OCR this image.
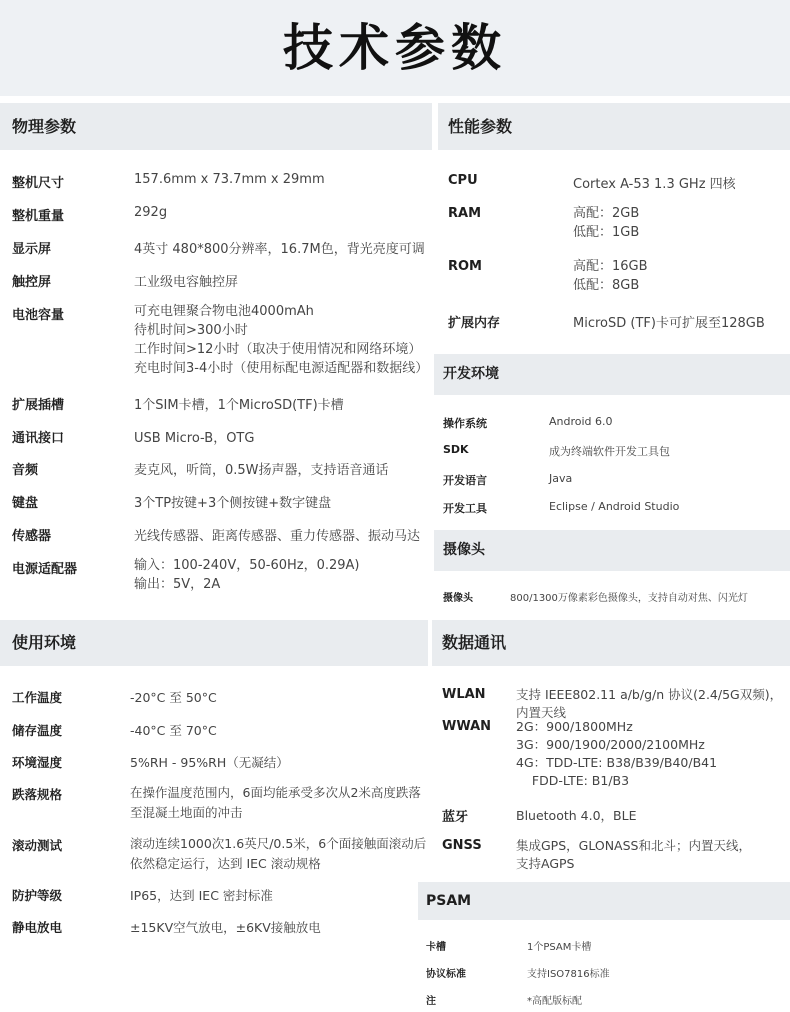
技术参数
物理参数
整机尺寸	157.6mm x 73.7mm x 29mm
整机重量	292g
显示屏	4英寸 480*800分辨率，16.7M色，背光亮度可调
触控屏	工业级电容触控屏
电池容量	可充电锂聚合物电池4000mAh
待机时间>300小时
工作时间>12小时（取决于使用情况和网络环境）
充电时间3-4小时（使用标配电源适配器和数据线）
扩展插槽	1个SIM卡槽，1个MicroSD(TF)卡槽
通讯接口	USB Micro-B，OTG
音频	麦克风，听筒，0.5W扬声器，支持语音通话
键盘	3个TP按键+3个侧按键+数字键盘
传感器	光线传感器、距离传感器、重力传感器、振动马达
电源适配器	输入：100-240V，50-60Hz，0.29A)
输出：5V，2A
性能参数
CPU	Cortex A-53 1.3 GHz 四核
RAM	高配：2GB
低配：1GB
ROM	高配：16GB
低配：8GB
扩展内存	MicroSD (TF)卡可扩展至128GB
开发环境
操作系统	Android 6.0
SDK	成为终端软件开发工具包
开发语言	Java
开发工具	Eclipse / Android Studio
摄像头
摄像头	800/1300万像素彩色摄像头，支持自动对焦、闪光灯
使用环境
工作温度	-20°C 至 50°C
储存温度	-40°C 至 70°C
环境湿度	5%RH - 95%RH（无凝结）
跌落规格	在操作温度范围内，6面均能承受多次从2米高度跌落
至混凝土地面的冲击
滚动测试	滚动连续1000次1.6英尺/0.5米，6个面接触面滚动后
依然稳定运行，达到 IEC 滚动规格
防护等级	IP65，达到 IEC 密封标准
静电放电	±15KV空气放电，±6KV接触放电
数据通讯
WLAN 支持 IEEE802.11 a/b/g/n 协议(2.4/5G双频)，
内置天线
WWAN 2G：900/1800MHz
3G：900/1900/2000/2100MHz
4G：TDD-LTE: B38/B39/B40/B41
FDD-LTE: B1/B3
蓝牙	Bluetooth 4.0，BLE
GNSS	集成GPS，GLONASS和北斗；内置天线，
支持AGPS
PSAM
卡槽	1个PSAM卡槽
协议标准	支持ISO7816标准
注	*高配版标配
